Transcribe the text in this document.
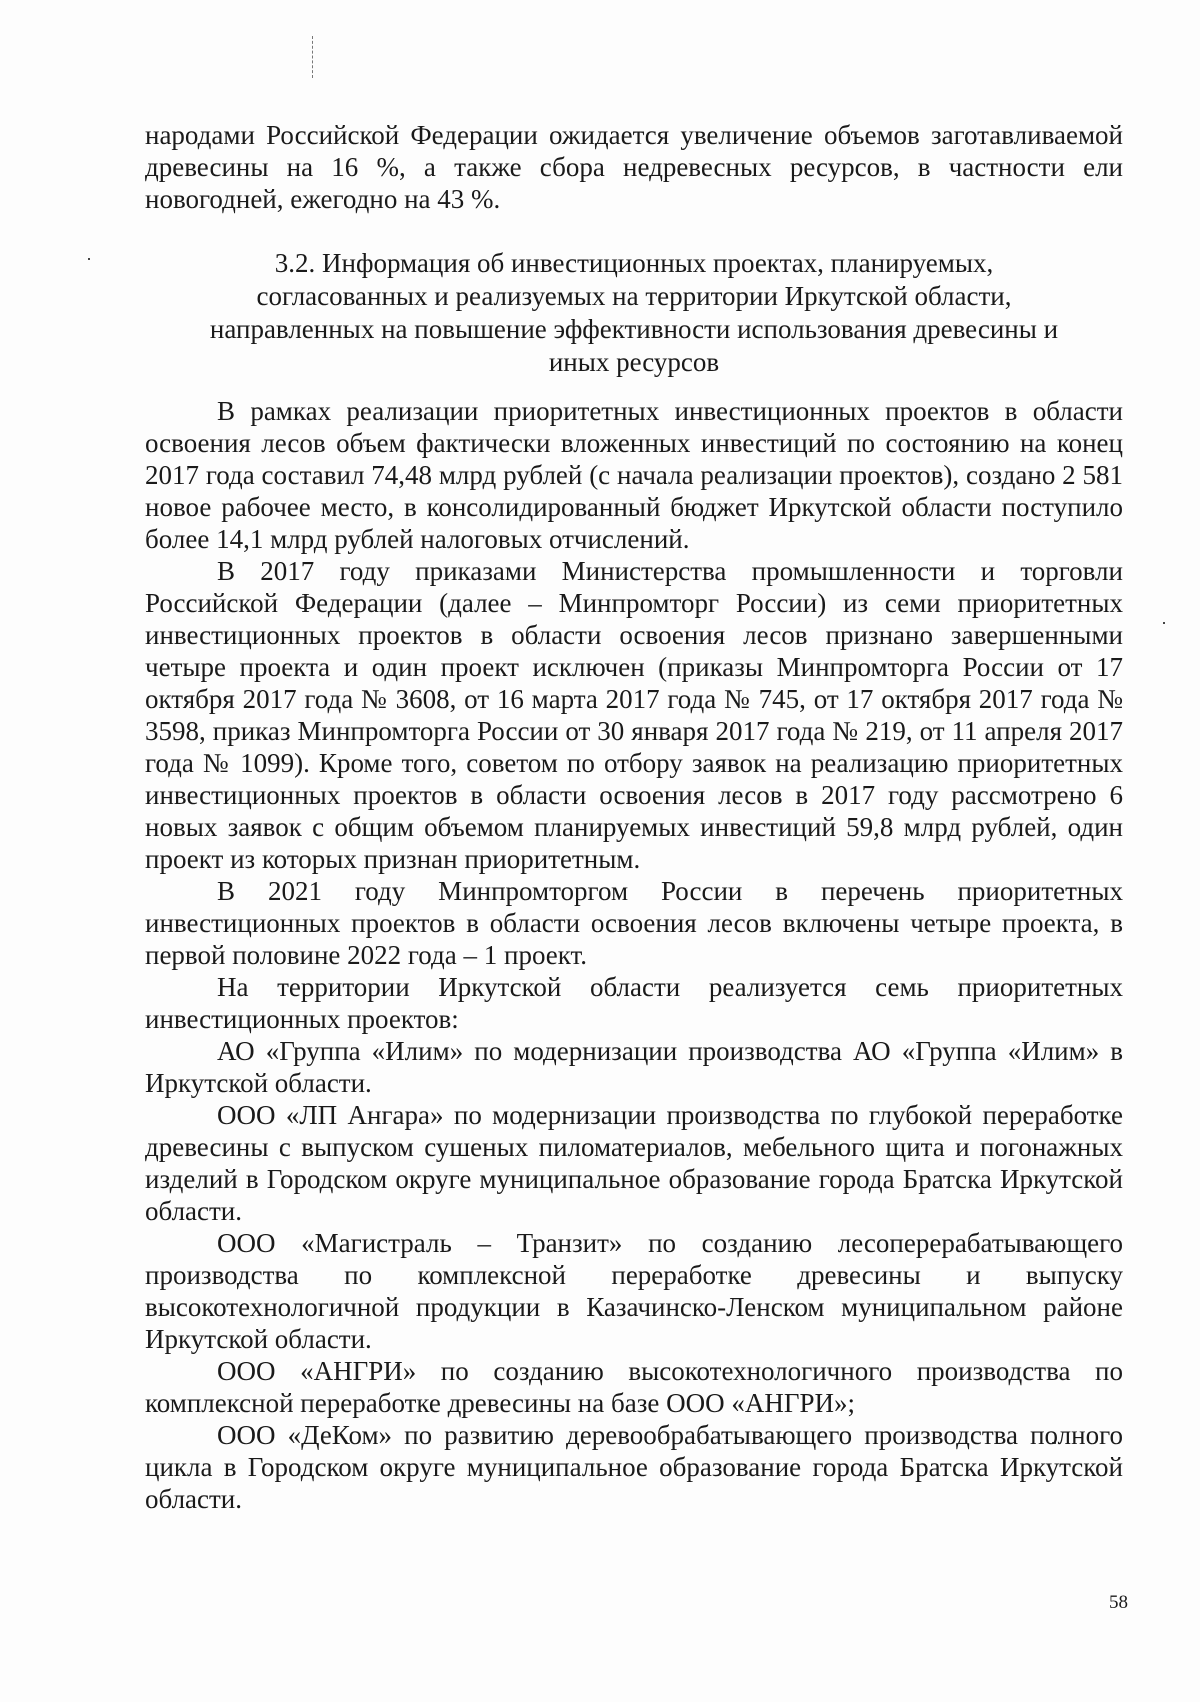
народами Российской Федерации ожидается увеличение объемов заготавливаемой древесины на 16 %, а также сбора недревесных ресурсов, в частности ели новогодней, ежегодно на 43 %.

3.2. Информация об инвестиционных проектах, планируемых,
согласованных и реализуемых на территории Иркутской области,
направленных на повышение эффективности использования древесины и
иных ресурсов

В рамках реализации приоритетных инвестиционных проектов в области освоения лесов объем фактически вложенных инвестиций по состоянию на конец 2017 года составил 74,48 млрд рублей (с начала реализации проектов), создано 2 581 новое рабочее место, в консолидированный бюджет Иркутской области поступило более 14,1 млрд рублей налоговых отчислений.

В 2017 году приказами Министерства промышленности и торговли Российской Федерации (далее – Минпромторг России) из семи приоритетных инвестиционных проектов в области освоения лесов признано завершенными четыре проекта и один проект исключен (приказы Минпромторга России от 17 октября 2017 года № 3608, от 16 марта 2017 года № 745, от 17 октября 2017 года № 3598, приказ Минпромторга России от 30 января 2017 года № 219, от 11 апреля 2017 года № 1099). Кроме того, советом по отбору заявок на реализацию приоритетных инвестиционных проектов в области освоения лесов в 2017 году рассмотрено 6 новых заявок с общим объемом планируемых инвестиций 59,8 млрд рублей, один проект из которых признан приоритетным.

В 2021 году Минпромторгом России в перечень приоритетных инвестиционных проектов в области освоения лесов включены четыре проекта, в первой половине 2022 года – 1 проект.

На территории Иркутской области реализуется семь приоритетных инвестиционных проектов:

АО «Группа «Илим» по модернизации производства АО «Группа «Илим» в Иркутской области.

ООО «ЛП Ангара» по модернизации производства по глубокой переработке древесины с выпуском сушеных пиломатериалов, мебельного щита и погонажных изделий в Городском округе муниципальное образование города Братска Иркутской области.

ООО «Магистраль – Транзит» по созданию лесоперерабатывающего производства по комплексной переработке древесины и выпуску высокотехнологичной продукции в Казачинско-Ленском муниципальном районе Иркутской области.

ООО «АНГРИ» по созданию высокотехнологичного производства по комплексной переработке древесины на базе ООО «АНГРИ»;

ООО «ДеКом» по развитию деревообрабатывающего производства полного цикла в Городском округе муниципальное образование города Братска Иркутской области.

58
